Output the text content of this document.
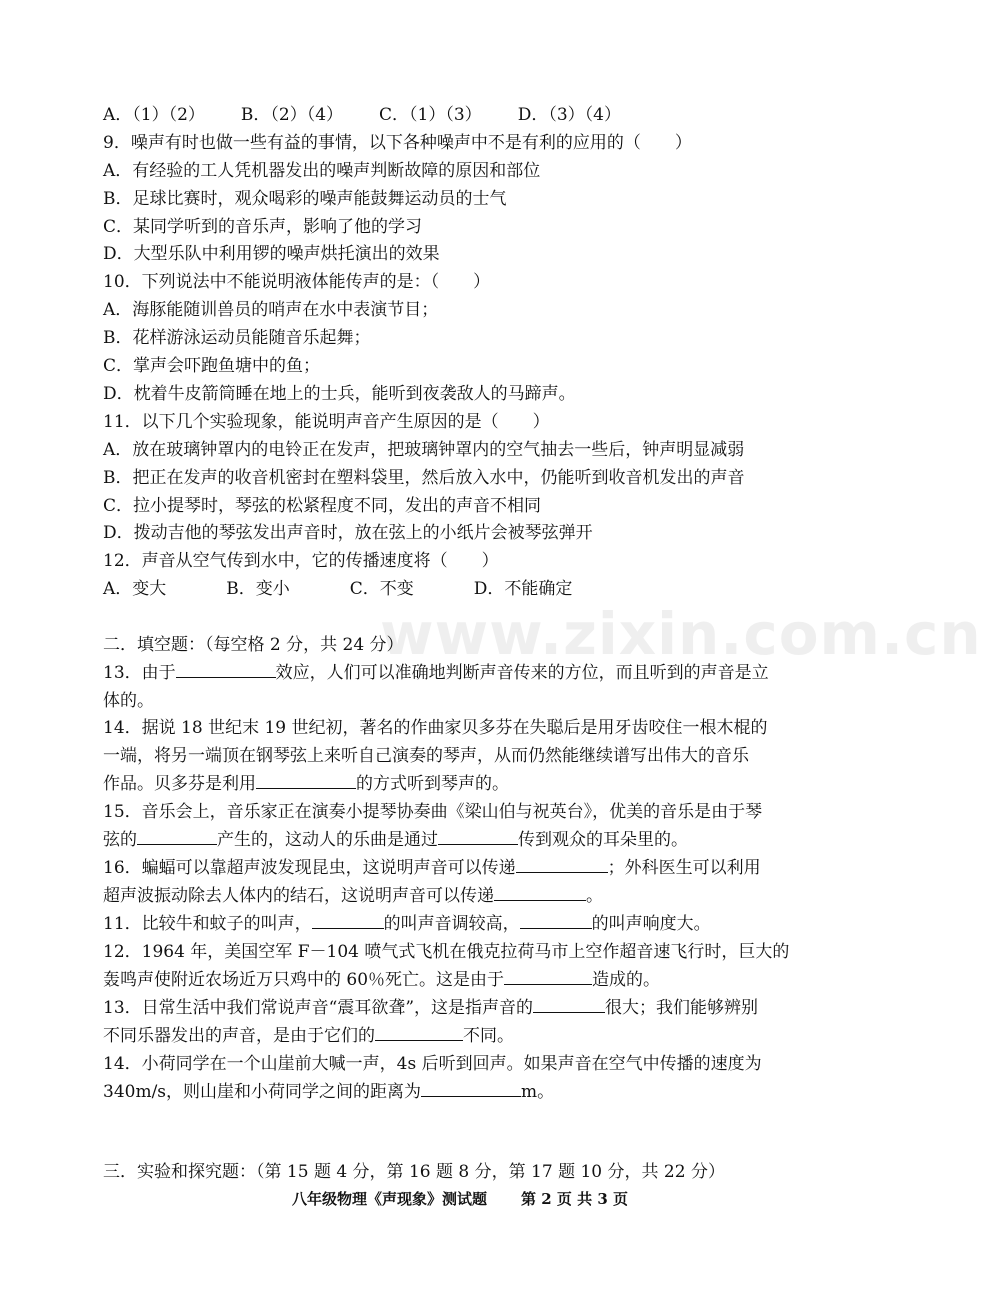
www.zixin.com.cn
A．（1）（2） B．（2）（4） C．（1）（3） D．（3）（4）
9．噪声有时也做一些有益的事情，以下各种噪声中不是有利的应用的（　　）
A．有经验的工人凭机器发出的噪声判断故障的原因和部位
B．足球比赛时，观众喝彩的噪声能鼓舞运动员的士气
C．某同学听到的音乐声，影响了他的学习
D．大型乐队中利用锣的噪声烘托演出的效果
10．下列说法中不能说明液体能传声的是：（　　）
A．海豚能随训兽员的哨声在水中表演节目；
B．花样游泳运动员能随音乐起舞；
C．掌声会吓跑鱼塘中的鱼；
D．枕着牛皮箭筒睡在地上的士兵，能听到夜袭敌人的马蹄声。
11．以下几个实验现象，能说明声音产生原因的是（　　）
A．放在玻璃钟罩内的电铃正在发声，把玻璃钟罩内的空气抽去一些后，钟声明显减弱
B．把正在发声的收音机密封在塑料袋里，然后放入水中，仍能听到收音机发出的声音
C．拉小提琴时，琴弦的松紧程度不同，发出的声音不相同
D．拨动吉他的琴弦发出声音时，放在弦上的小纸片会被琴弦弹开
12．声音从空气传到水中，它的传播速度将（　　）
A．变大	B．变小	C．不变	D．不能确定
二．填空题：（每空格 2 分，共 24 分）
13．由于	效应，人们可以准确地判断声音传来的方位，而且听到的声音是立
体的。
14．据说 18 世纪末 19 世纪初，著名的作曲家贝多芬在失聪后是用牙齿咬住一根木棍的
一端，将另一端顶在钢琴弦上来听自己演奏的琴声，从而仍然能继续谱写出伟大的音乐
作品。贝多芬是利用	的方式听到琴声的。
15．音乐会上，音乐家正在演奏小提琴协奏曲《梁山伯与祝英台》，优美的音乐是由于琴
弦的	产生的，这动人的乐曲是通过	传到观众的耳朵里的。
16．蝙蝠可以靠超声波发现昆虫，这说明声音可以传递	；外科医生可以利用
超声波振动除去人体内的结石，这说明声音可以传递	。
11．比较牛和蚊子的叫声，	的叫声音调较高，	的叫声响度大。
12．1964 年，美国空军 F－104 喷气式飞机在俄克拉荷马市上空作超音速飞行时，巨大的
轰鸣声使附近农场近万只鸡中的 60％死亡。这是由于	造成的。
13．日常生活中我们常说声音“震耳欲聋”，这是指声音的	很大；我们能够辨别
不同乐器发出的声音，是由于它们的	不同。
14．小荷同学在一个山崖前大喊一声，4s 后听到回声。如果声音在空气中传播的速度为
340m/s，则山崖和小荷同学之间的距离为	m。
三．实验和探究题：（第 15 题 4 分，第 16 题 8 分，第 17 题 10 分，共 22 分）
八年级物理《声现象》测试题 第 2 页 共 3 页
